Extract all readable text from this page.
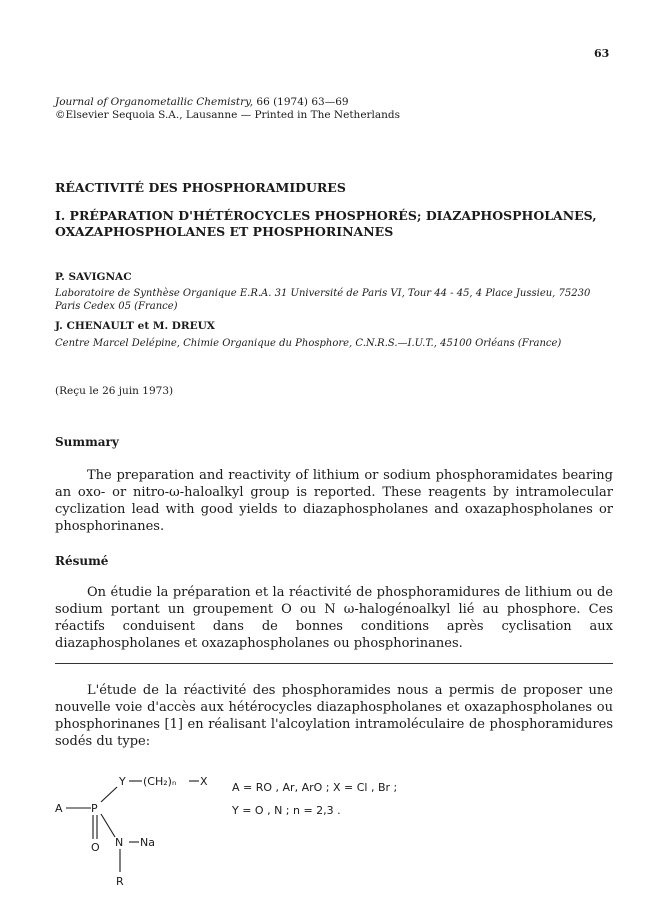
63
Journal of Organometallic Chemistry, 66 (1974) 63—69
©Elsevier Sequoia S.A., Lausanne — Printed in The Netherlands
RÉACTIVITÉ DES PHOSPHORAMIDURES
I. PRÉPARATION D'HÉTÉROCYCLES PHOSPHORÉS; DIAZAPHOSPHOLANES, OXAZAPHOSPHOLANES ET PHOSPHORINANES
P. SAVIGNAC
Laboratoire de Synthèse Organique E.R.A. 31 Université de Paris VI, Tour 44 - 45, 4 Place Jussieu, 75230 Paris Cedex 05 (France)
J. CHENAULT et M. DREUX
Centre Marcel Delépine, Chimie Organique du Phosphore, C.N.R.S.—I.U.T., 45100 Orléans (France)
(Reçu le 26 juin 1973)
Summary

The preparation and reactivity of lithium or sodium phosphoramidates bearing an oxo- or nitro-ω-haloalkyl group is reported. These reagents by intramolecular cyclization lead with good yields to diazaphospholanes and oxazaphospholanes or phosphorinanes.

Résumé

On étudie la préparation et la réactivité de phosphoramidures de lithium ou de sodium portant un groupement O ou N ω-halogénoalkyl lié au phosphore. Ces réactifs conduisent dans de bonnes conditions après cyclisation aux diazaphospholanes et oxazaphospholanes ou phosphorinanes.

L'étude de la réactivité des phosphoramides nous a permis de proposer une nouvelle voie d'accès aux hétérocycles diazaphospholanes et oxazaphospholanes ou phosphorinanes [1] en réalisant l'alcoylation intramoléculaire de phosphoramidures sodés du type:

A	P
O
Y (CH₂)ₙ X
N Na
R
A = RO , Ar, ArO ; X = Cl , Br ;
Y = O , N ; n = 2,3 .
